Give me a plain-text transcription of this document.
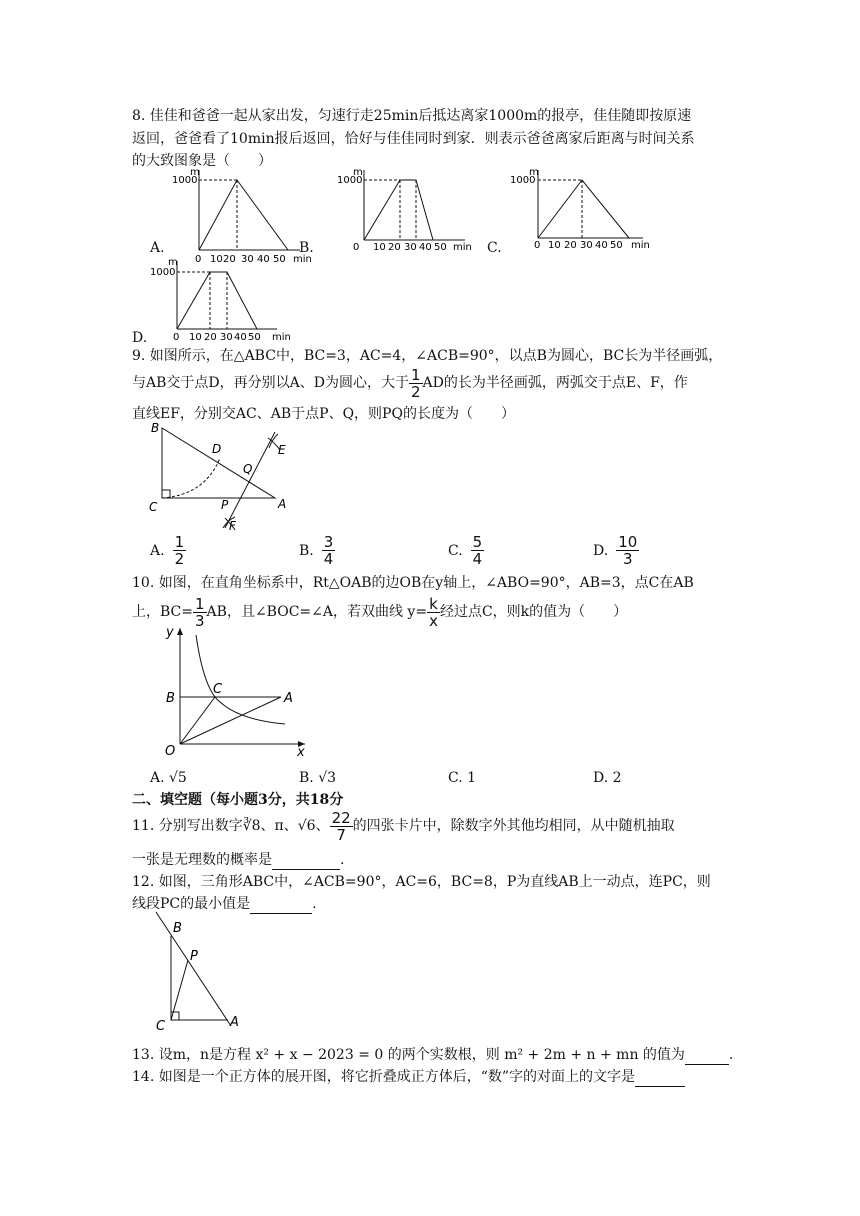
8. 佳佳和爸爸一起从家出发，匀速行走25min后抵达离家1000m的报亭，佳佳随即按原速
返回，爸爸看了10min报后返回，恰好与佳佳同时到家．则表示爸爸离家后距离与时间关系
的大致图象是（　　）
m
1000
0 10 20 30 40 50 min
A.
m
1000
0 10 20 30 40 50 min
B.
m
1000
0 10 20 30 40 50 min
C.
m
1000
0 10 20 30 40 50 min
D.
9. 如图所示，在△ABC中，BC=3，AC=4，∠ACB=90°，以点B为圆心，BC长为半径画弧，
与AB交于点D，再分别以A、D为圆心，大于 $\frac{1}{2}$ AD 的长为半径画弧，两弧交于点E、F，作
直线EF，分别交AC、AB于点P、Q，则PQ的长度为（　　）
B
D
Q
E
C	P	A
F
A. $\frac{1}{2}$	B. $\frac{3}{4}$	C. $\frac{5}{4}$	D. $\frac{10}{3}$
10. 如图，在直角坐标系中，Rt△OAB的边OB在y轴上，∠ABO=90°，AB=3，点C在AB
上，$BC= \frac{1}{3}$ AB，且∠BOC=∠A，若双曲线 $y= \frac{k}{x}$ 经过点C，则k的值为（　　）
y
B
C
A
O	x
A. √5	B. √3	C. 1	D. 2
二、填空题（每小题3分，共18分
11. 分别写出数字 ∛8 、π、√6、 $\frac{22}{7}$ 的四张卡片中，除数字外其他均相同，从中随机抽取
一张是无理数的概率是	.
12. 如图，三角形ABC中，∠ACB=90°，AC=6，BC=8，P为直线AB上一动点，连PC，则
线段PC的最小值是	.
B
P
C	A
13. 设m，n是方程 x² + x − 2023 = 0 的两个实数根，则 m² + 2m + n + mn 的值为	.
14. 如图是一个正方体的展开图，将它折叠成正方体后，“数”字的对面上的文字是
